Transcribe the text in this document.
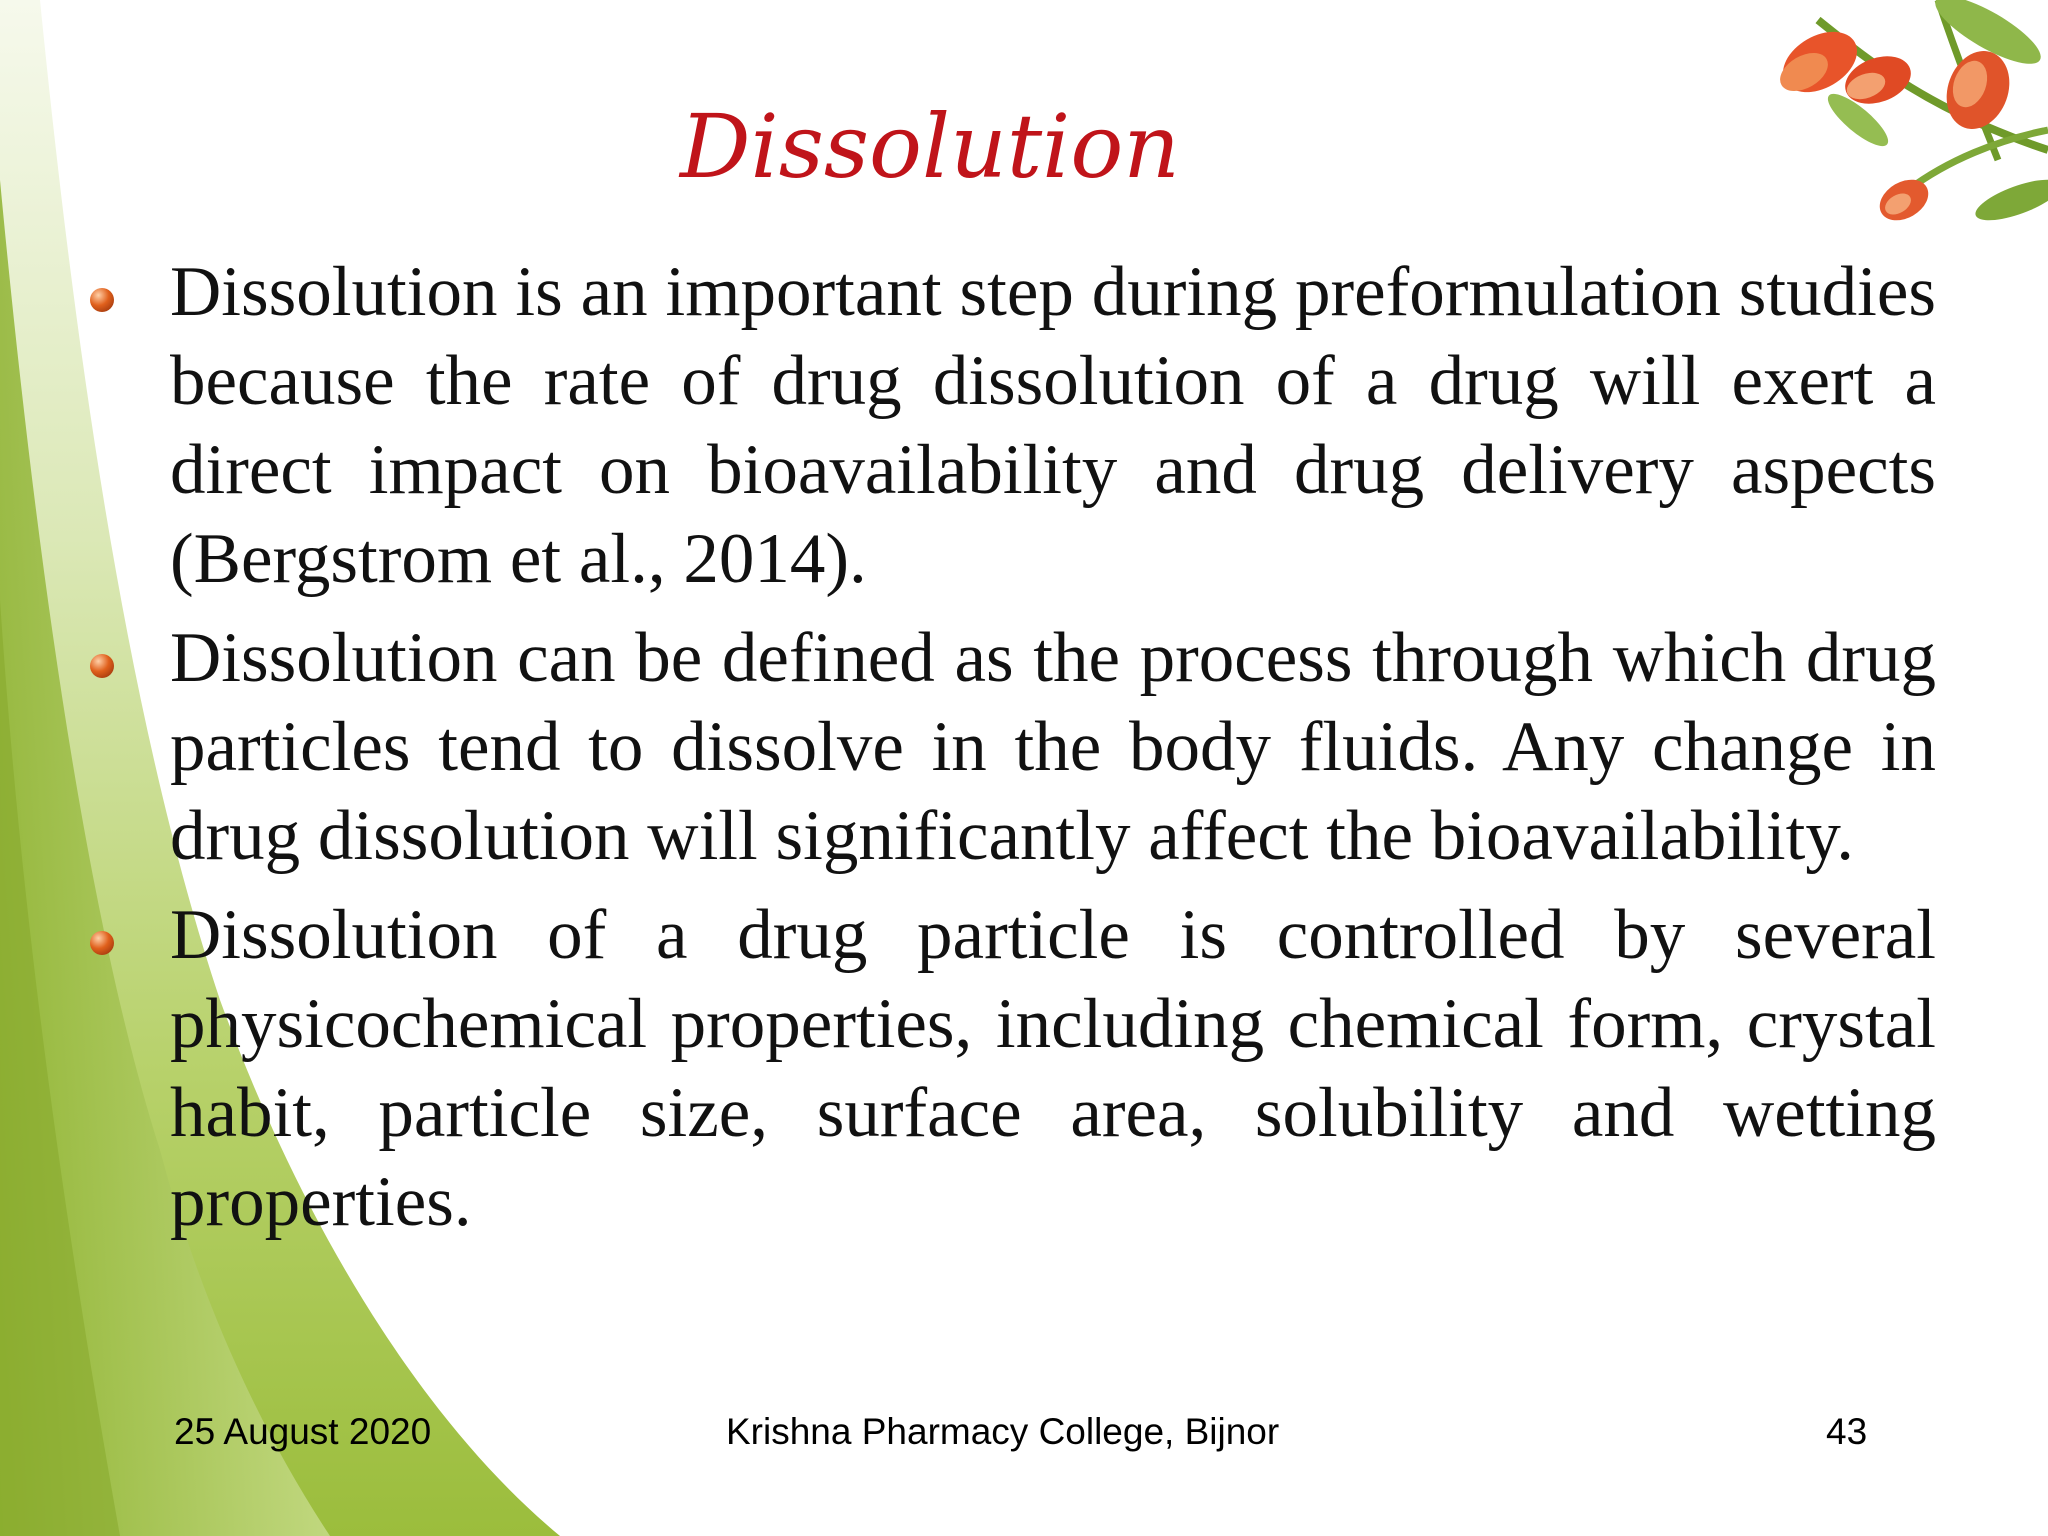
Dissolution
Dissolution is an important step during preformulation studies because the rate of drug dissolution of a drug will exert a direct impact on bioavailability and drug delivery aspects (Bergstrom et al., 2014).
Dissolution can be defined as the process through which drug particles tend to dissolve in the body fluids. Any change in drug dissolution will significantly affect the bioavailability.
Dissolution of a drug particle is controlled by several physicochemical properties, including chemical form, crystal habit, particle size, surface area, solubility and wetting properties.
25 August 2020	Krishna Pharmacy College, Bijnor	43
